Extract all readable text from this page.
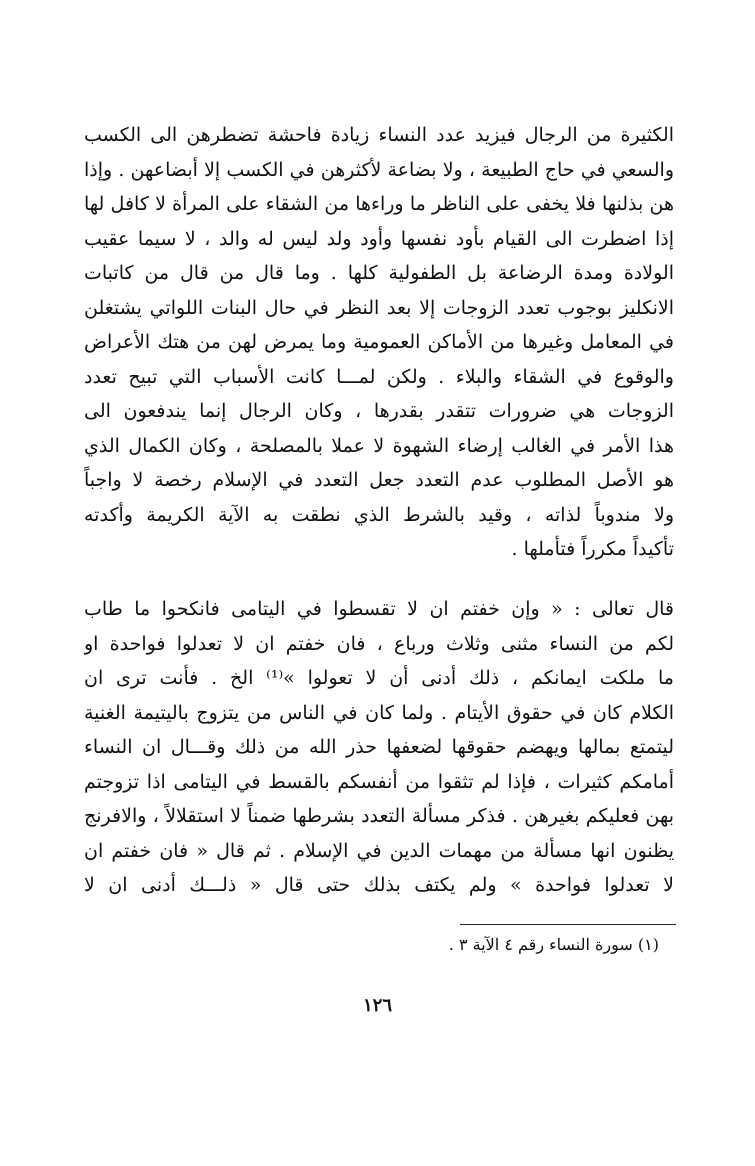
الكثيرة من الرجال فيزيد عدد النساء زيادة فاحشة تضطرهن الى الكسب
والسعي في حاج الطبيعة ، ولا بضاعة لأكثرهن في الكسب إلا أبضاعهن . وإذا
هن بذلنها فلا يخفى على الناظر ما وراءها من الشقاء على المرأة لا كافل لها
إذا اضطرت الى القيام بأود نفسها وأود ولد ليس له والد ، لا سيما عقيب
الولادة ومدة الرضاعة بل الطفولية كلها . وما قال من قال من كاتبات
الانكليز بوجوب تعدد الزوجات إلا بعد النظر في حال البنات اللواتي يشتغلن
في المعامل وغيرها من الأماكن العمومية وما يمرض لهن من هتك الأعراض
والوقوع في الشقاء والبلاء . ولكن لمـــا كانت الأسباب التي تبيح تعدد
الزوجات هي ضرورات تتقدر بقدرها ، وكان الرجال إنما يندفعون الى
هذا الأمر في الغالب إرضاء الشهوة لا عملا بالمصلحة ، وكان الكمال الذي
هو الأصل المطلوب عدم التعدد جعل التعدد في الإسلام رخصة لا واجباً
ولا مندوباً لذاته ، وقيد بالشرط الذي نطقت به الآية الكريمة وأكدته
تأكيداً مكرراً فتأملها .
قال تعالى : « وإن خفتم ان لا تقسطوا في اليتامى فانكحوا ما طاب
لكم من النساء مثنى وثلاث ورباع ، فان خفتم ان لا تعدلوا فواحدة او
ما ملكت ايمانكم ، ذلك أدنى أن لا تعولوا »⁽¹⁾ الخ . فأنت ترى ان
الكلام كان في حقوق الأيتام . ولما كان في الناس من يتزوج باليتيمة الغنية
ليتمتع بمالها ويهضم حقوقها لضعفها حذر الله من ذلك وقـــال ان النساء
أمامكم كثيرات ، فإذا لم تثقوا من أنفسكم بالقسط في اليتامى اذا تزوجتم
بهن فعليكم بغيرهن . فذكر مسألة التعدد بشرطها ضمناً لا استقلالاً ، والافرنج
يظنون انها مسألة من مهمات الدين في الإسلام . ثم قال « فان خفتم ان
لا تعدلوا فواحدة » ولم يكتف بذلك حتى قال « ذلـــك أدنى ان لا
(١) سورة النساء رقم ٤ الآية ٣ .
١٢٦
